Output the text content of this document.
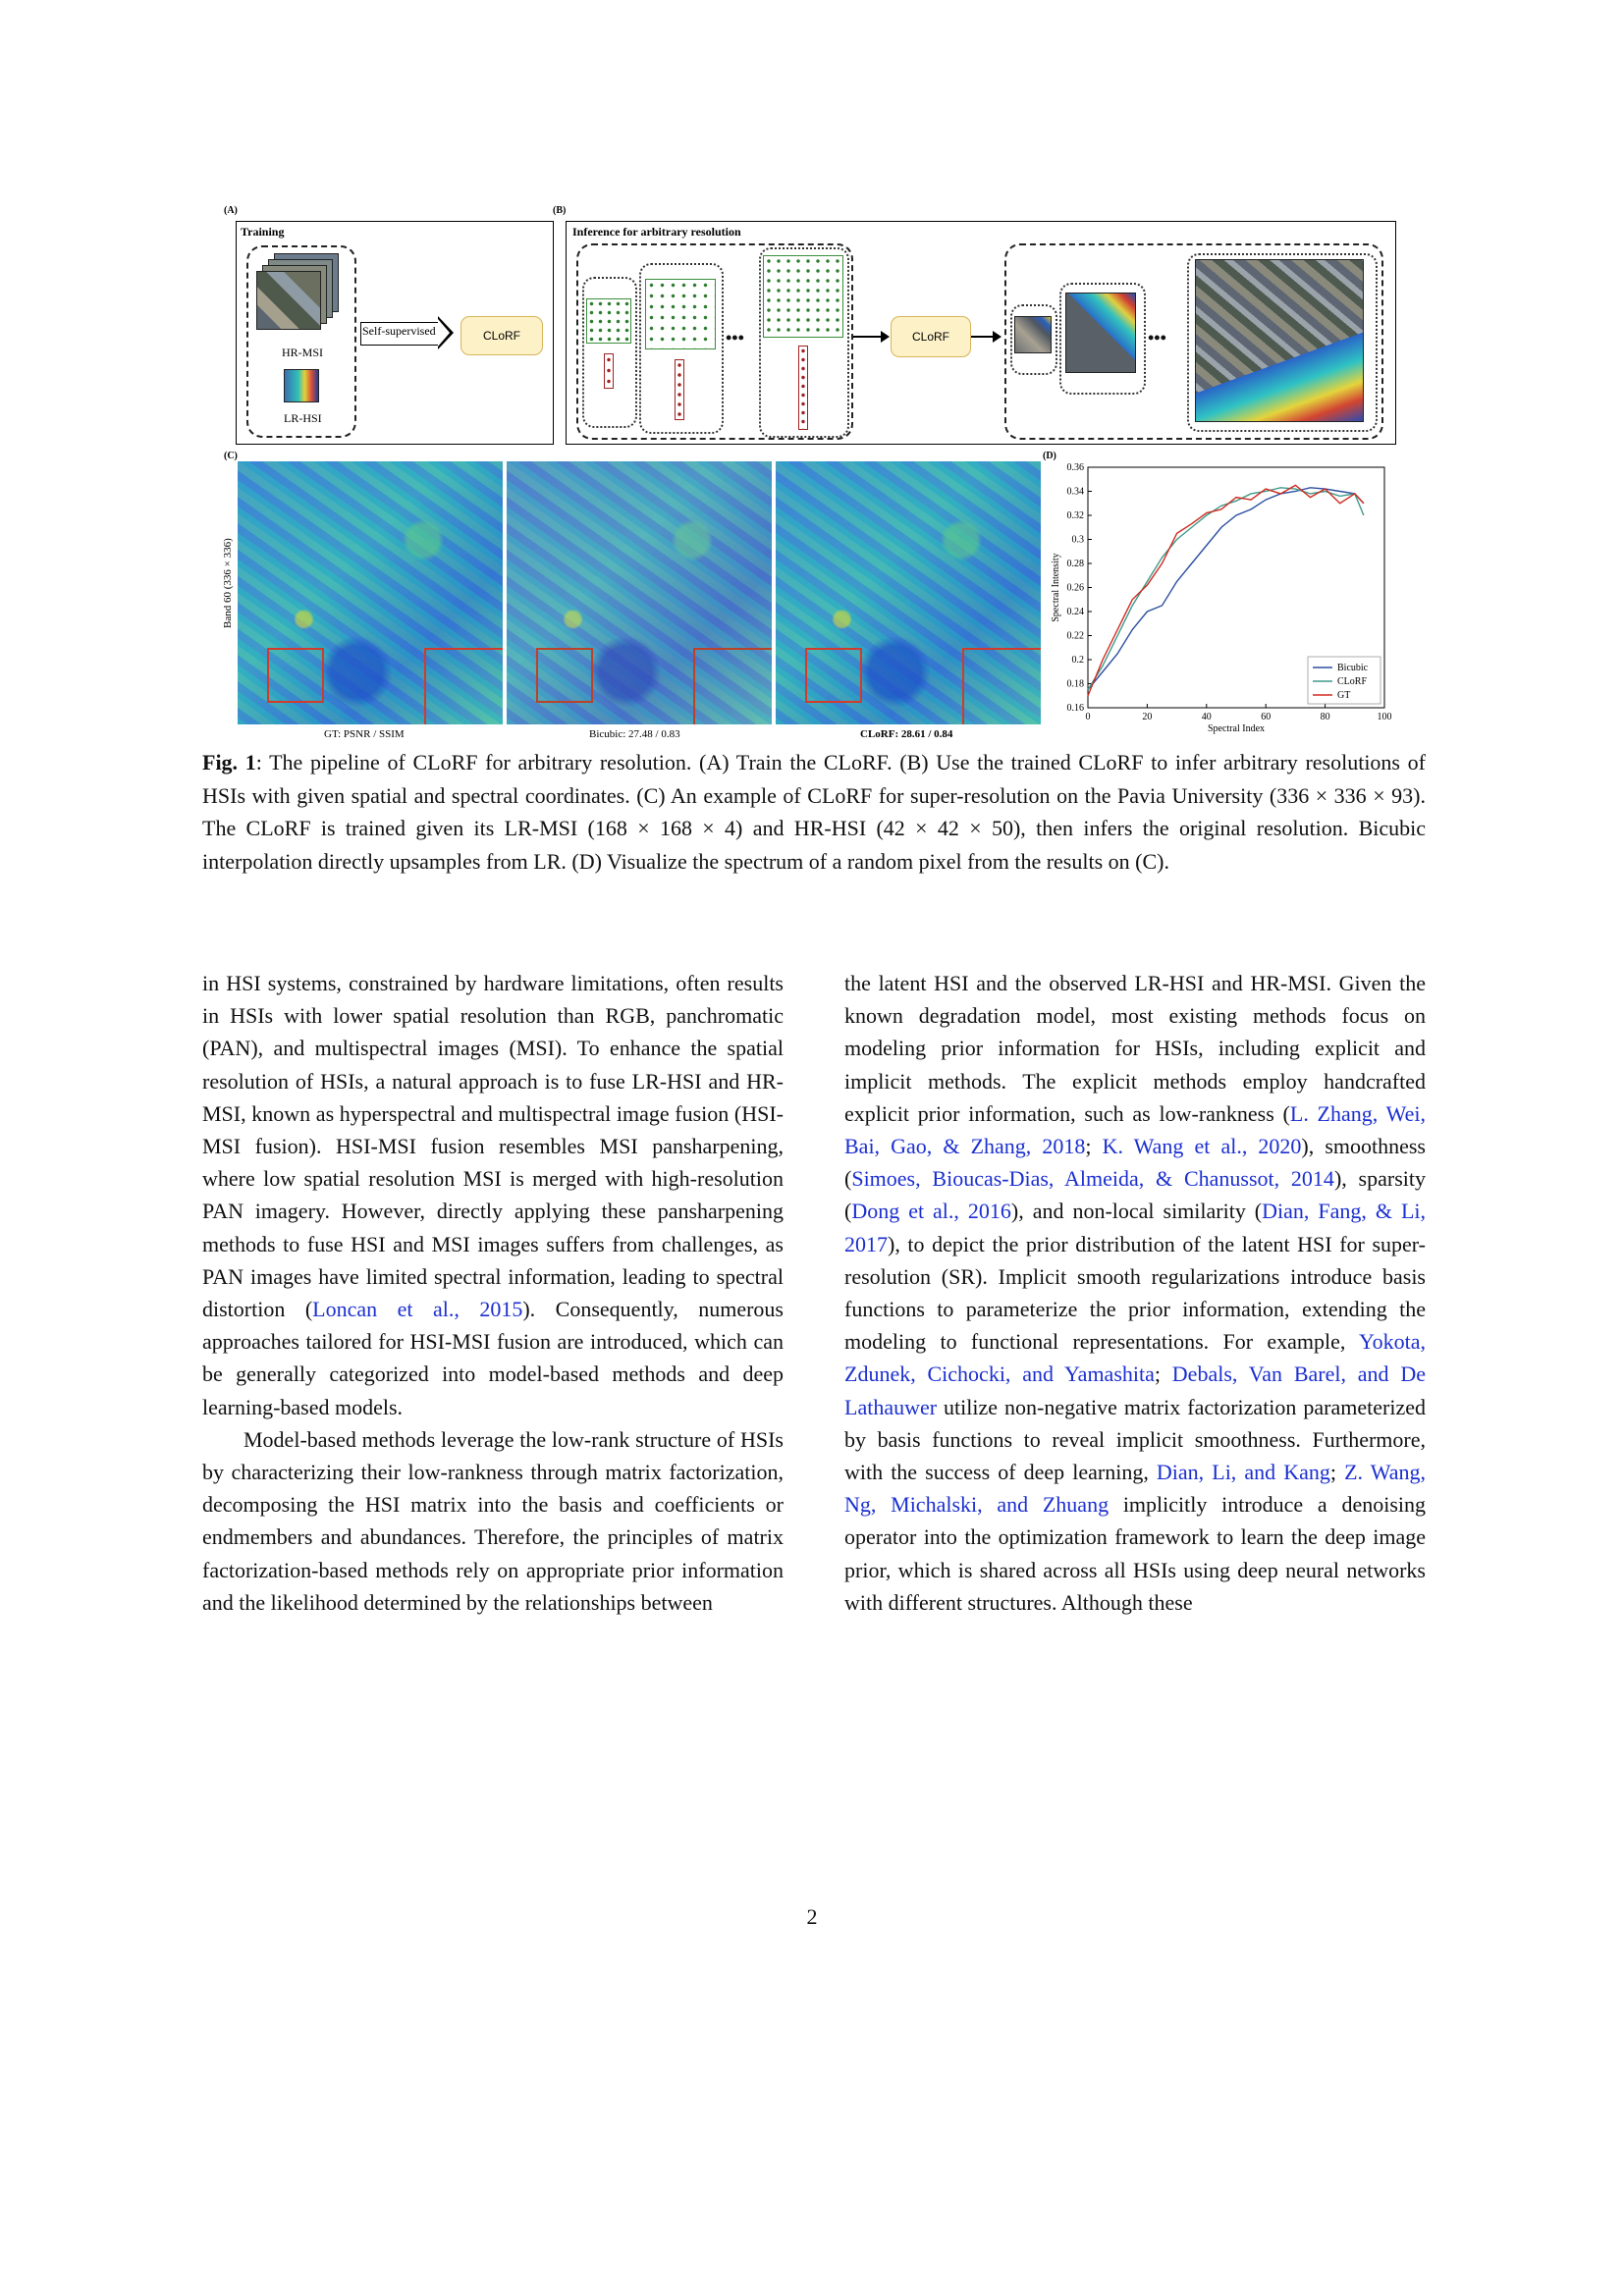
(A)
Training
HR-MSI
LR-HSI
Self-supervised	CLoRF
(B)
Inference for arbitrary resolution
•••	CLoRF	•••
(C)
Band 60 (336 × 336)
GT: PSNR / SSIM	Bicubic: 27.48 / 0.83	CLoRF: 28.61 / 0.84
(D)
0	20	40	60	80	100
0.16
0.18
0.2
0.22
0.24
0.26
0.28
0.3
0.32
0.34
0.36
Spectral Index
Spectral Intensity
Bicubic
CLoRF
GT
Fig. 1: The pipeline of CLoRF for arbitrary resolution. (A) Train the CLoRF. (B) Use the trained CLoRF to infer arbitrary resolutions of HSIs with given spatial and spectral coordinates. (C) An example of CLoRF for super-resolution on the Pavia University (336 × 336 × 93). The CLoRF is trained given its LR-MSI (168 × 168 × 4) and HR-HSI (42 × 42 × 50), then infers the original resolution. Bicubic interpolation directly upsamples from LR. (D) Visualize the spectrum of a random pixel from the results on (C).

in HSI systems, constrained by hardware limitations, often results in HSIs with lower spatial resolution than RGB, panchromatic (PAN), and multispectral images (MSI). To enhance the spatial resolution of HSIs, a natural approach is to fuse LR-HSI and HR-MSI, known as hyperspectral and multispectral image fusion (HSI-MSI fusion). HSI-MSI fusion resembles MSI pansharpening, where low spatial resolution MSI is merged with high-resolution PAN imagery. However, directly applying these pansharpening methods to fuse HSI and MSI images suffers from challenges, as PAN images have limited spectral information, leading to spectral distortion (Loncan et al., 2015). Consequently, numerous approaches tailored for HSI-MSI fusion are introduced, which can be generally categorized into model-based methods and deep learning-based models.

Model-based methods leverage the low-rank structure of HSIs by characterizing their low-rankness through matrix factorization, decomposing the HSI matrix into the basis and coefficients or endmembers and abundances. Therefore, the principles of matrix factorization-based methods rely on appropriate prior information and the likelihood determined by the relationships between

the latent HSI and the observed LR-HSI and HR-MSI. Given the known degradation model, most existing methods focus on modeling prior information for HSIs, including explicit and implicit methods. The explicit methods employ handcrafted explicit prior information, such as low-rankness (L. Zhang, Wei, Bai, Gao, & Zhang, 2018; K. Wang et al., 2020), smoothness (Simoes, Bioucas-Dias, Almeida, & Chanussot, 2014), sparsity (Dong et al., 2016), and non-local similarity (Dian, Fang, & Li, 2017), to depict the prior distribution of the latent HSI for super-resolution (SR). Implicit smooth regularizations introduce basis functions to parameterize the prior information, extending the modeling to functional representations. For example, Yokota, Zdunek, Cichocki, and Yamashita; Debals, Van Barel, and De Lathauwer utilize non-negative matrix factorization parameterized by basis functions to reveal implicit smoothness. Furthermore, with the success of deep learning, Dian, Li, and Kang; Z. Wang, Ng, Michalski, and Zhuang implicitly introduce a denoising operator into the optimization framework to learn the deep image prior, which is shared across all HSIs using deep neural networks with different structures. Although these

2
